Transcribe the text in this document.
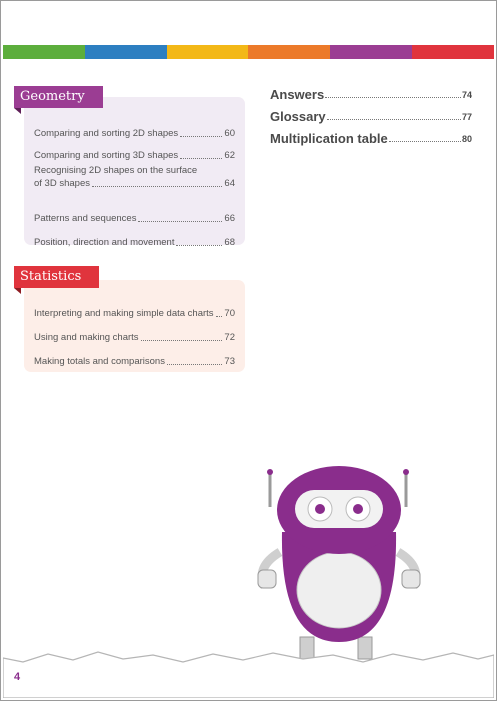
Comparing and sorting 2D shapes	60
Comparing and sorting 3D shapes	62
Recognising 2D shapes on the surface
of 3D shapes	64
Patterns and sequences	66
Position, direction and movement	68
Geometry
Interpreting and making simple data charts 70
Using and making charts	72
Making totals and comparisons	73
Statistics
Answers	74
Glossary	77
Multiplication table	80
4
